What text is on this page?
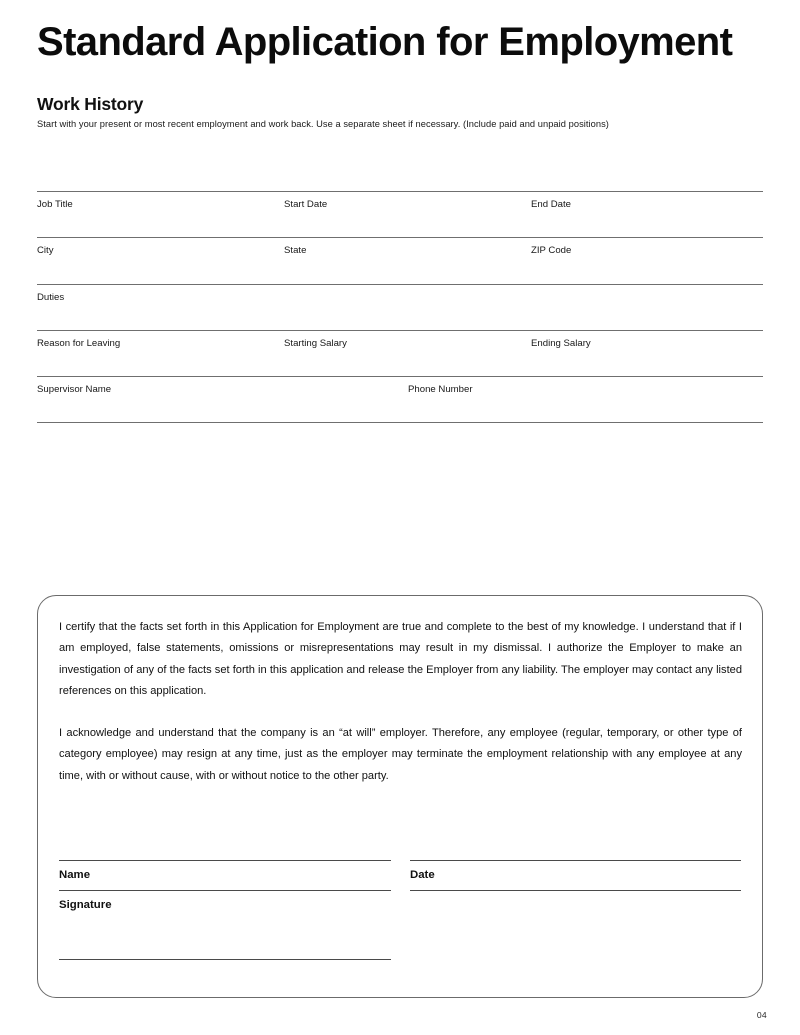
Standard Application for Employment
Work History
Start with your present or most recent employment and work back. Use a separate sheet if necessary. (Include paid and unpaid positions)
Job Title	Start Date	End Date
City	State	ZIP Code
Duties
Reason for Leaving	Starting Salary	Ending Salary
Supervisor Name	Phone Number

I certify that the facts set forth in this Application for Employment are true and complete to the best of my knowledge. I understand that if I am employed, false statements, omissions or misrepresentations may result in my dismissal. I authorize the Employer to make an investigation of any of the facts set forth in this application and release the Employer from any liability. The employer may contact any listed references on this application.

I acknowledge and understand that the company is an “at will” employer. Therefore, any employee (regular, temporary, or other type of category employee) may resign at any time, just as the employer may terminate the employment relationship with any employee at any time, with or without cause, with or without notice to the other party.

Name
Signature
Date
04
